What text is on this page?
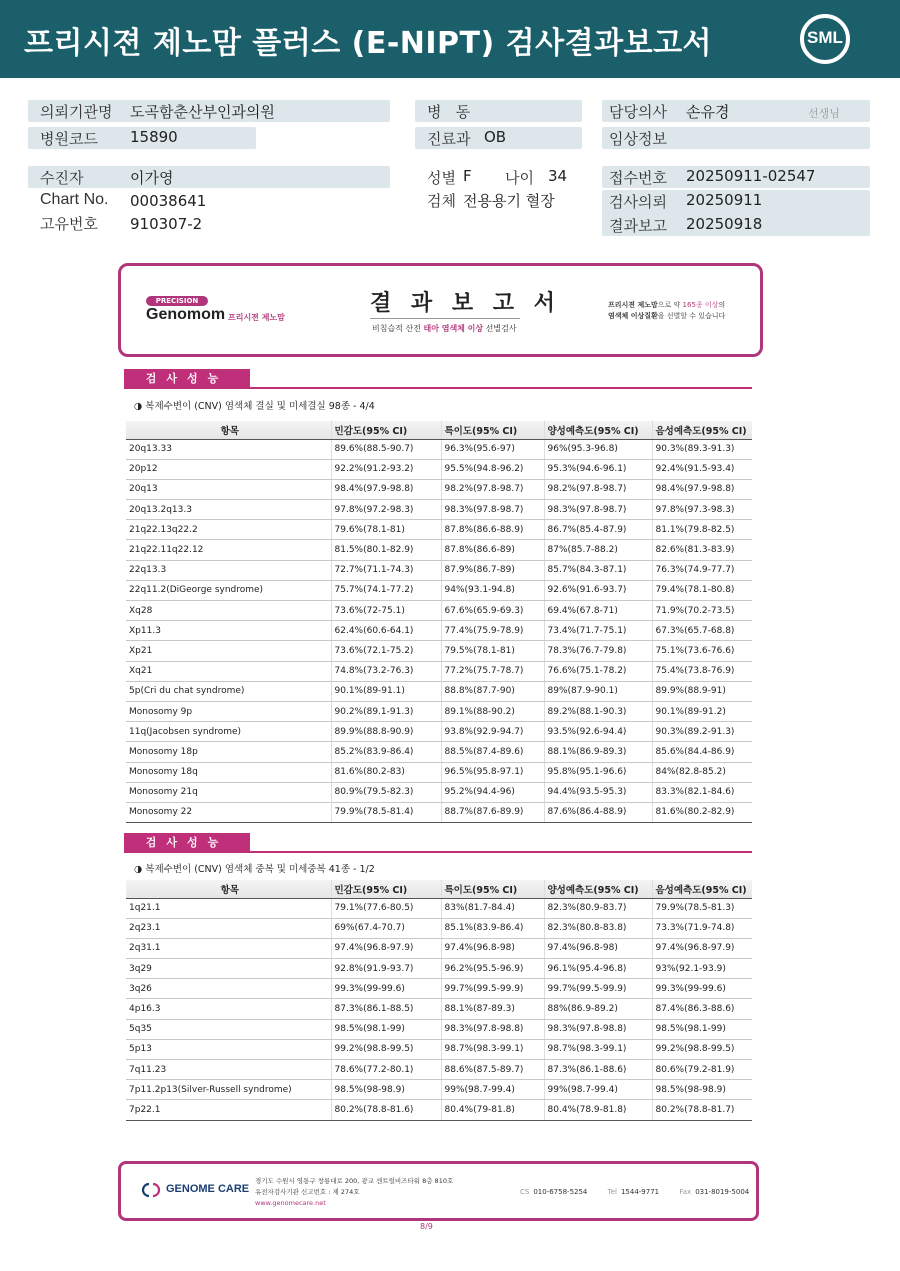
프리시젼 제노맘 플러스 (E-NIPT) 검사결과보고서	SML
의뢰기관명 도곡함춘산부인과의원
병원코드 15890
병   동
진료과 OB
담당의사 손유경	선생님
임상정보
수진자	이가영
Chart No. 00038641
고유번호 910307-2
성별 F 나이 34
검체 전용용기 혈장
접수번호 20250911-02547
검사의뢰 20250911
결과보고 20250918
PRECISION
Genomom 프리시젼 제노맘
결 과 보 고 서
비침습적 산전 태아 염색체 이상 선별검사
프리시젼 제노맘으로 약 165종 이상의
염색체 이상질환을 선별할 수 있습니다
검사성능
◑ 복제수변이 (CNV) 염색체 결실 및 미세결실 98종 - 4/4
항목	민감도(95% CI)	특이도(95% CI)	양성예측도(95% CI)	음성예측도(95% CI)
20q13.33	89.6%(88.5-90.7)	96.3%(95.6-97)	96%(95.3-96.8)	90.3%(89.3-91.3)
20p12	92.2%(91.2-93.2)	95.5%(94.8-96.2)	95.3%(94.6-96.1)	92.4%(91.5-93.4)
20q13	98.4%(97.9-98.8)	98.2%(97.8-98.7)	98.2%(97.8-98.7)	98.4%(97.9-98.8)
20q13.2q13.3	97.8%(97.2-98.3)	98.3%(97.8-98.7)	98.3%(97.8-98.7)	97.8%(97.3-98.3)
21q22.13q22.2	79.6%(78.1-81)	87.8%(86.6-88.9)	86.7%(85.4-87.9)	81.1%(79.8-82.5)
21q22.11q22.12	81.5%(80.1-82.9)	87.8%(86.6-89)	87%(85.7-88.2)	82.6%(81.3-83.9)
22q13.3	72.7%(71.1-74.3)	87.9%(86.7-89)	85.7%(84.3-87.1)	76.3%(74.9-77.7)
22q11.2(DiGeorge syndrome)	75.7%(74.1-77.2)	94%(93.1-94.8)	92.6%(91.6-93.7)	79.4%(78.1-80.8)
Xq28	73.6%(72-75.1)	67.6%(65.9-69.3)	69.4%(67.8-71)	71.9%(70.2-73.5)
Xp11.3	62.4%(60.6-64.1)	77.4%(75.9-78.9)	73.4%(71.7-75.1)	67.3%(65.7-68.8)
Xp21	73.6%(72.1-75.2)	79.5%(78.1-81)	78.3%(76.7-79.8)	75.1%(73.6-76.6)
Xq21	74.8%(73.2-76.3)	77.2%(75.7-78.7)	76.6%(75.1-78.2)	75.4%(73.8-76.9)
5p(Cri du chat syndrome)	90.1%(89-91.1)	88.8%(87.7-90)	89%(87.9-90.1)	89.9%(88.9-91)
Monosomy 9p	90.2%(89.1-91.3)	89.1%(88-90.2)	89.2%(88.1-90.3)	90.1%(89-91.2)
11q(Jacobsen syndrome)	89.9%(88.8-90.9)	93.8%(92.9-94.7)	93.5%(92.6-94.4)	90.3%(89.2-91.3)
Monosomy 18p	85.2%(83.9-86.4)	88.5%(87.4-89.6)	88.1%(86.9-89.3)	85.6%(84.4-86.9)
Monosomy 18q	81.6%(80.2-83)	96.5%(95.8-97.1)	95.8%(95.1-96.6)	84%(82.8-85.2)
Monosomy 21q	80.9%(79.5-82.3)	95.2%(94.4-96)	94.4%(93.5-95.3)	83.3%(82.1-84.6)
Monosomy 22	79.9%(78.5-81.4)	88.7%(87.6-89.9)	87.6%(86.4-88.9)	81.6%(80.2-82.9)
검사성능
◑ 복제수변이 (CNV) 염색체 중복 및 미세중복 41종 - 1/2
항목	민감도(95% CI)	특이도(95% CI)	양성예측도(95% CI)	음성예측도(95% CI)
1q21.1	79.1%(77.6-80.5)	83%(81.7-84.4)	82.3%(80.9-83.7)	79.9%(78.5-81.3)
2q23.1	69%(67.4-70.7)	85.1%(83.9-86.4)	82.3%(80.8-83.8)	73.3%(71.9-74.8)
2q31.1	97.4%(96.8-97.9)	97.4%(96.8-98)	97.4%(96.8-98)	97.4%(96.8-97.9)
3q29	92.8%(91.9-93.7)	96.2%(95.5-96.9)	96.1%(95.4-96.8)	93%(92.1-93.9)
3q26	99.3%(99-99.6)	99.7%(99.5-99.9)	99.7%(99.5-99.9)	99.3%(99-99.6)
4p16.3	87.3%(86.1-88.5)	88.1%(87-89.3)	88%(86.9-89.2)	87.4%(86.3-88.6)
5q35	98.5%(98.1-99)	98.3%(97.8-98.8)	98.3%(97.8-98.8)	98.5%(98.1-99)
5p13	99.2%(98.8-99.5)	98.7%(98.3-99.1)	98.7%(98.3-99.1)	99.2%(98.8-99.5)
7q11.23	78.6%(77.2-80.1)	88.6%(87.5-89.7)	87.3%(86.1-88.6)	80.6%(79.2-81.9)
7p11.2p13(Silver-Russell syndrome)	98.5%(98-98.9)	99%(98.7-99.4)	99%(98.7-99.4)	98.5%(98-98.9)
7p22.1	80.2%(78.8-81.6)	80.4%(79-81.8)	80.4%(78.9-81.8)	80.2%(78.8-81.7)
GENOME CARE
경기도 수원시 영통구 창룡대로 200, 광교 센트럴비즈타워 8층 810호
유전자검사기관 신고번호 : 제 274호
www.genomecare.net
CS 010-6758-5254	Tel 1544-9771	Fax 031-8019-5004
8/9
